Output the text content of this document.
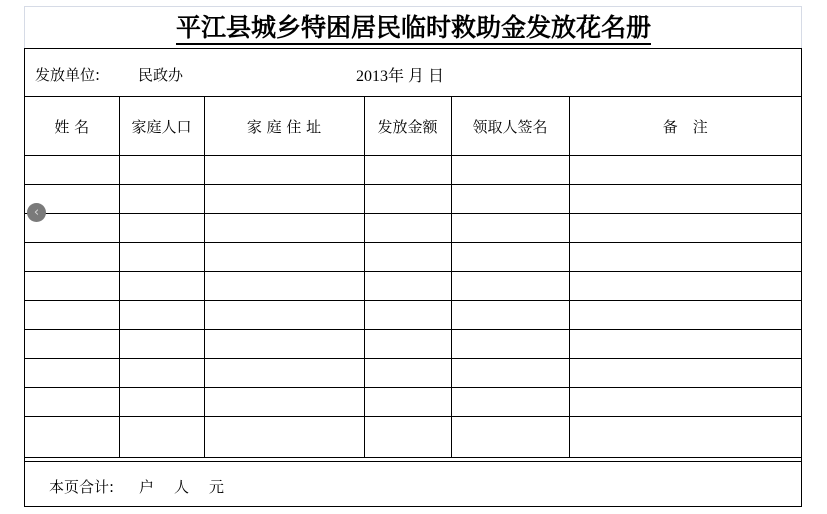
平江县城乡特困居民临时救助金发放花名册
发放单位:	民政办	2013年 月 日
姓 名	家庭人口	家 庭 住 址	发放金额	领取人签名	备　注

本页合计: 户 人 元
‹
